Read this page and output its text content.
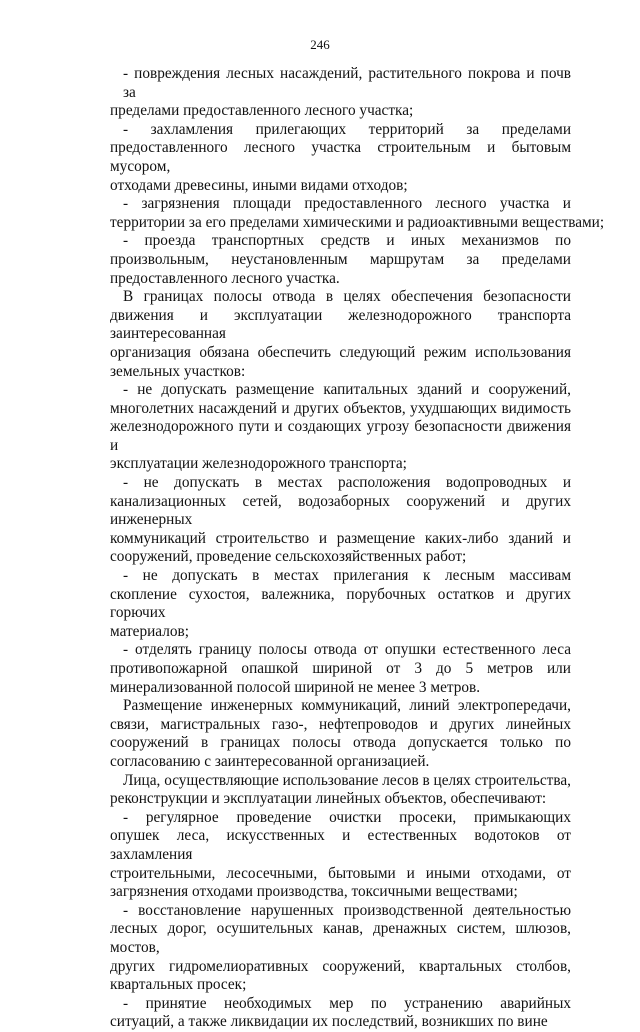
246
- повреждения лесных насаждений, растительного покрова и почв за
пределами предоставленного лесного участка;
- захламления прилегающих территорий за пределами
предоставленного лесного участка строительным и бытовым мусором,
отходами древесины, иными видами отходов;
- загрязнения площади предоставленного лесного участка и
территории за его пределами химическими и радиоактивными веществами;
- проезда транспортных средств и иных механизмов по
произвольным, неустановленным маршрутам за пределами
предоставленного лесного участка.
В границах полосы отвода в целях обеспечения безопасности
движения и эксплуатации железнодорожного транспорта заинтересованная
организация обязана обеспечить следующий режим использования
земельных участков:
- не допускать размещение капитальных зданий и сооружений,
многолетних насаждений и других объектов, ухудшающих видимость
железнодорожного пути и создающих угрозу безопасности движения и
эксплуатации железнодорожного транспорта;
- не допускать в местах расположения водопроводных и
канализационных сетей, водозаборных сооружений и других инженерных
коммуникаций строительство и размещение каких-либо зданий и
сооружений, проведение сельскохозяйственных работ;
- не допускать в местах прилегания к лесным массивам
скопление сухостоя, валежника, порубочных остатков и других горючих
материалов;
- отделять границу полосы отвода от опушки естественного леса
противопожарной опашкой шириной от 3 до 5 метров или
минерализованной полосой шириной не менее 3 метров.
Размещение инженерных коммуникаций, линий электропередачи,
связи, магистральных газо-, нефтепроводов и других линейных
сооружений в границах полосы отвода допускается только по
согласованию с заинтересованной организацией.
Лица, осуществляющие использование лесов в целях строительства,
реконструкции и эксплуатации линейных объектов, обеспечивают:
- регулярное проведение очистки просеки, примыкающих
опушек леса, искусственных и естественных водотоков от захламления
строительными, лесосечными, бытовыми и иными отходами, от
загрязнения отходами производства, токсичными веществами;
- восстановление нарушенных производственной деятельностью
лесных дорог, осушительных канав, дренажных систем, шлюзов, мостов,
других гидромелиоративных сооружений, квартальных столбов,
квартальных просек;
- принятие необходимых мер по устранению аварийных
ситуаций, а также ликвидации их последствий, возникших по вине
